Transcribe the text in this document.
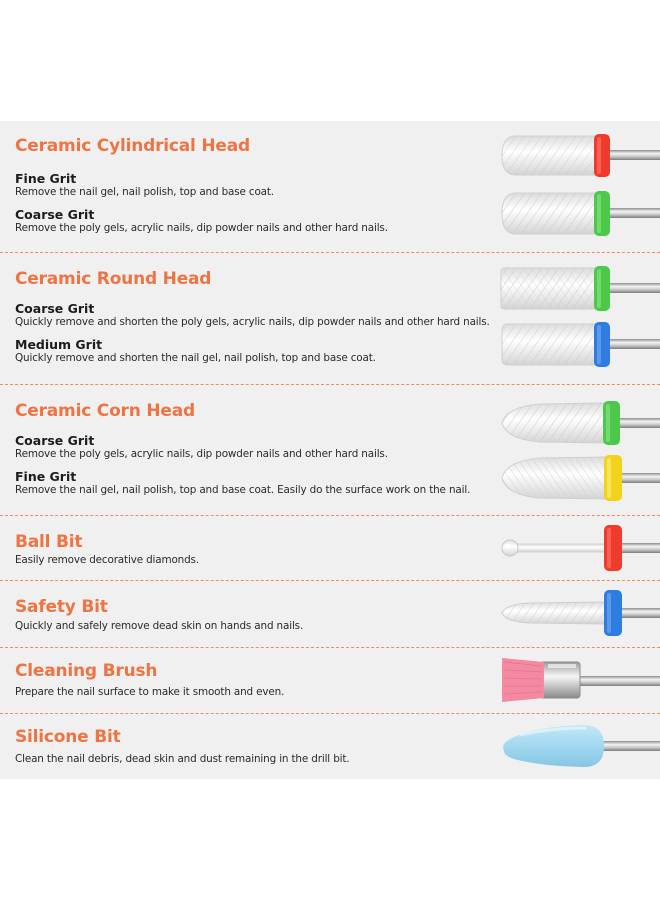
Ceramic Cylindrical Head
Fine Grit
Remove the nail gel, nail polish, top and base coat.
Coarse Grit
Remove the poly gels, acrylic nails, dip powder nails and other hard nails.
Ceramic Round Head
Coarse Grit
Quickly remove and shorten the poly gels, acrylic nails, dip powder nails and other hard nails.
Medium Grit
Quickly remove and shorten the nail gel, nail polish, top and base coat.
Ceramic Corn Head
Coarse Grit
Remove the poly gels, acrylic nails, dip powder nails and other hard nails.
Fine Grit
Remove the nail gel, nail polish, top and base coat. Easily do the surface work on the nail.
Ball Bit
Easily remove decorative diamonds.
Safety Bit
Quickly and safely remove dead skin on hands and nails.
Cleaning Brush
Prepare the nail surface to make it smooth and even.
Silicone Bit
Clean the nail debris, dead skin and dust remaining in the drill bit.
